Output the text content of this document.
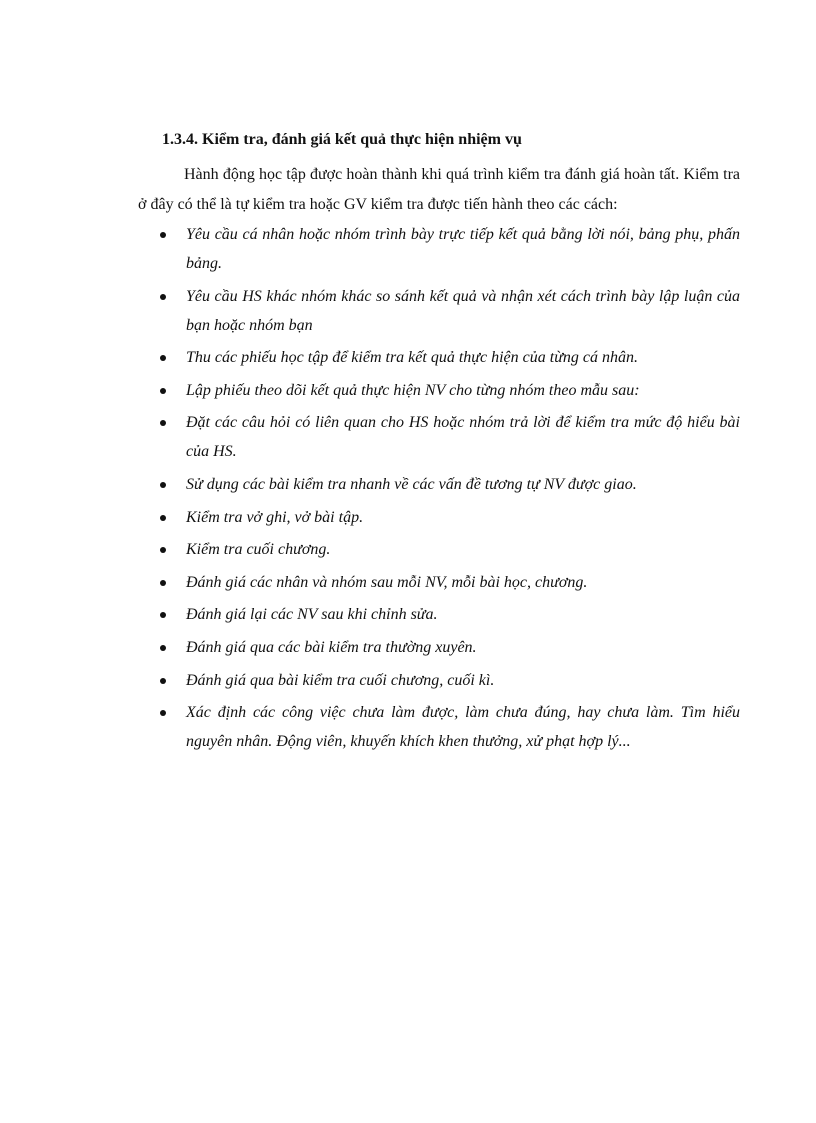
1.3.4. Kiểm tra, đánh giá kết quả thực hiện nhiệm vụ

Hành động học tập được hoàn thành khi quá trình kiểm tra đánh giá hoàn tất. Kiểm tra ở đây có thể là tự kiểm tra hoặc GV kiểm tra được tiến hành theo các cách:

Yêu cầu cá nhân hoặc nhóm trình bày trực tiếp kết quả bằng lời nói, bảng phụ, phấn bảng.
Yêu cầu HS khác nhóm khác so sánh kết quả và nhận xét cách trình bày lập luận của bạn hoặc nhóm bạn
Thu các phiếu học tập để kiểm tra kết quả thực hiện của từng cá nhân.
Lập phiếu theo dõi kết quả thực hiện NV cho từng nhóm theo mẫu sau:
Đặt các câu hỏi có liên quan cho HS hoặc nhóm trả lời để kiểm tra mức độ hiểu bài của HS.
Sử dụng các bài kiểm tra nhanh về các vấn đề tương tự NV được giao.
Kiểm tra vở ghi, vở bài tập.
Kiểm tra cuối chương.
Đánh giá các nhân và nhóm sau mỗi NV, mỗi bài học, chương.
Đánh giá lại các NV sau khi chỉnh sửa.
Đánh giá qua các bài kiểm tra thường xuyên.
Đánh giá qua bài kiểm tra cuối chương, cuối kì.
Xác định các công việc chưa làm được, làm chưa đúng, hay chưa làm. Tìm hiểu nguyên nhân. Động viên, khuyến khích khen thưởng, xử phạt hợp lý...
